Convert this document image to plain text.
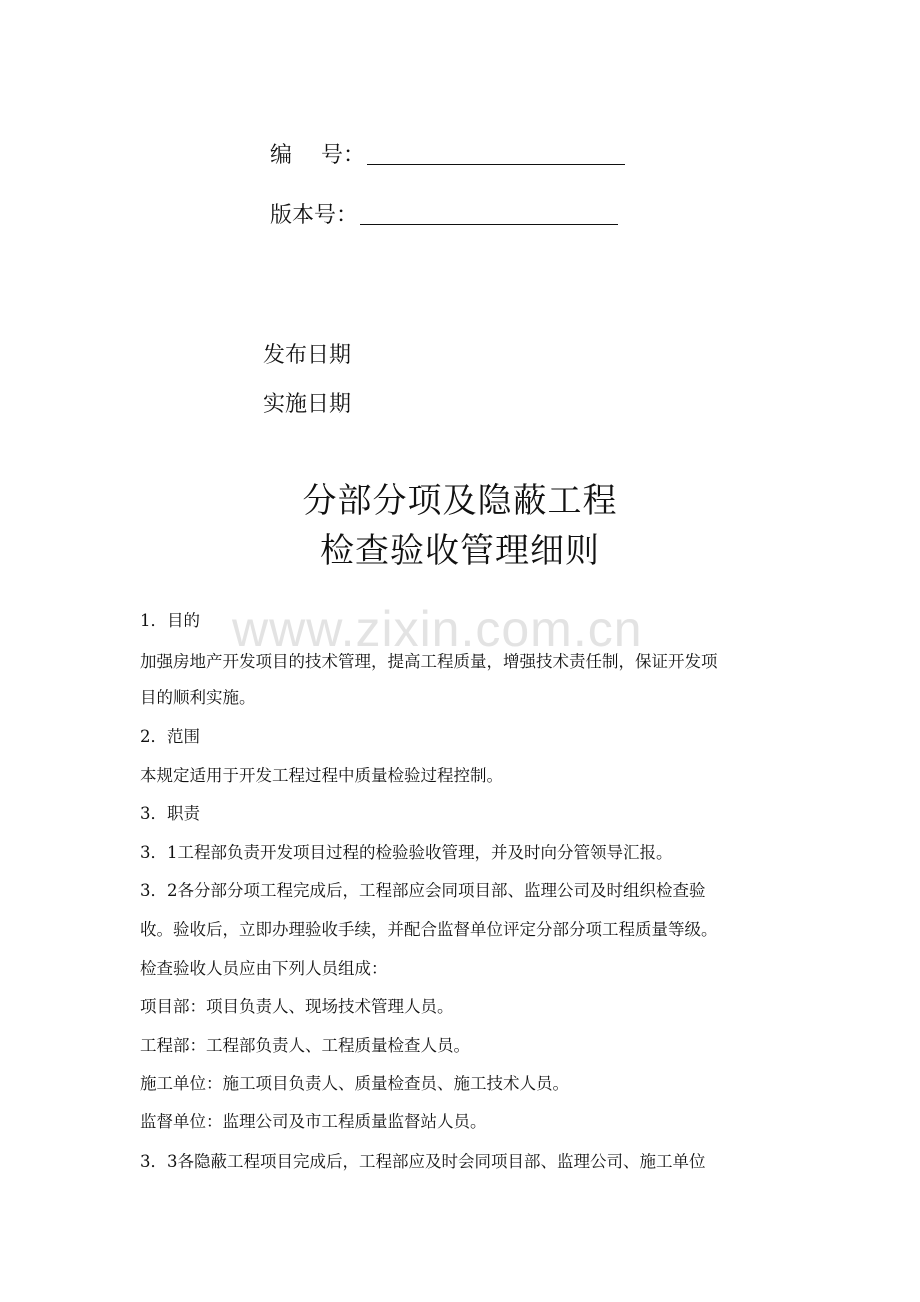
编　 号：
版本号：
发布日期
实施日期
分部分项及隐蔽工程
检查验收管理细则
www.zixin.com.cn
1．目的
加强房地产开发项目的技术管理，提高工程质量，增强技术责任制，保证开发项
目的顺利实施。
2．范围
本规定适用于开发工程过程中质量检验过程控制。
3．职责
3．1工程部负责开发项目过程的检验验收管理，并及时向分管领导汇报。
3．2各分部分项工程完成后，工程部应会同项目部、监理公司及时组织检查验
收。验收后，立即办理验收手续，并配合监督单位评定分部分项工程质量等级。
检查验收人员应由下列人员组成：
项目部：项目负责人、现场技术管理人员。
工程部：工程部负责人、工程质量检查人员。
施工单位：施工项目负责人、质量检查员、施工技术人员。
监督单位：监理公司及市工程质量监督站人员。
3．3各隐蔽工程项目完成后，工程部应及时会同项目部、监理公司、施工单位
